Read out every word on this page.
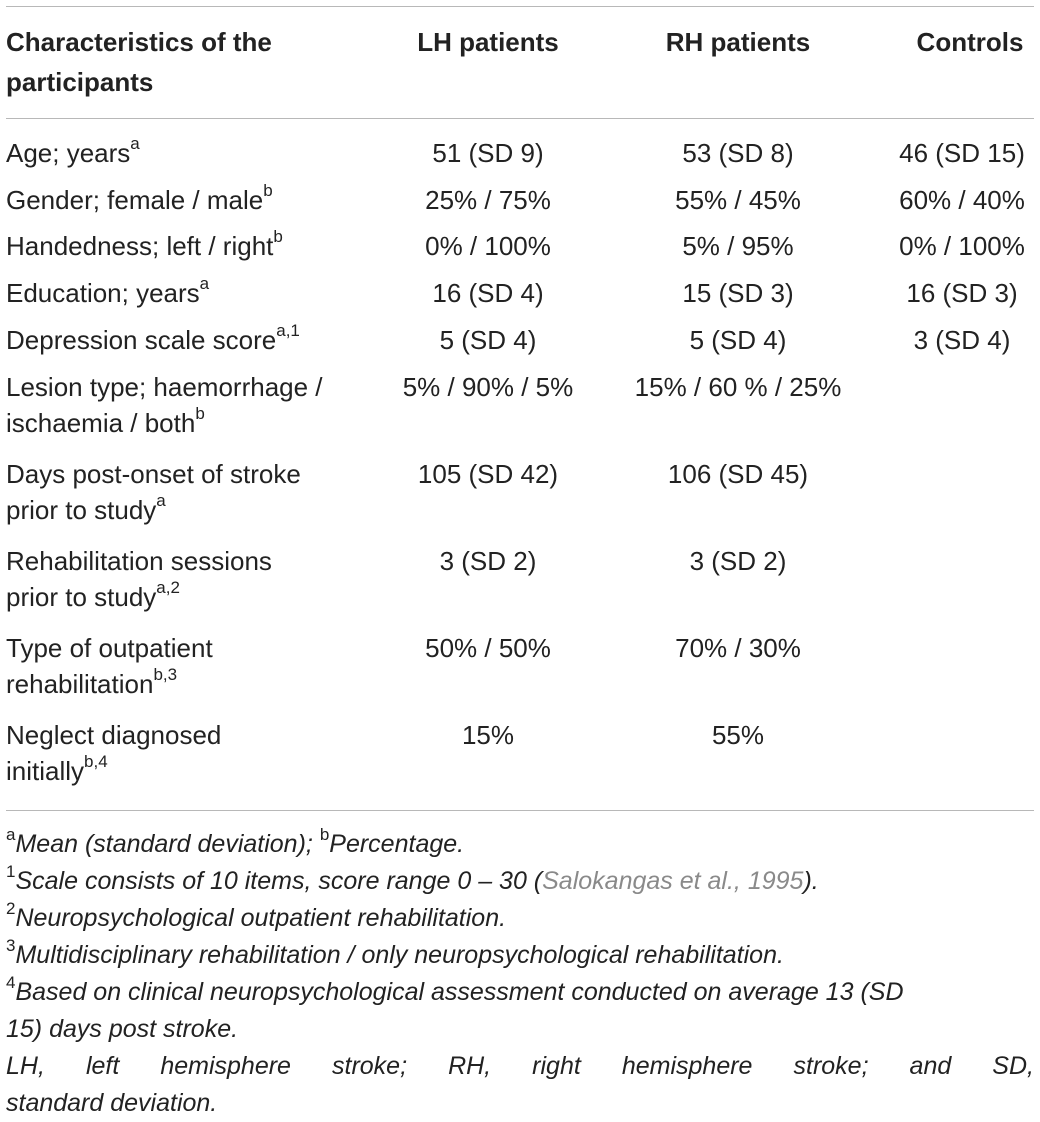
Characteristics of the participants
LH patients	RH patients	Controls
Age; years$^a$	51 (SD 9)	53 (SD 8)	46 (SD 15)
Gender; female / male$^b$	25% / 75%	55% / 45%	60% / 40%
Handedness; left / right$^b$	0% / 100%	5% / 95%	0% / 100%
Education; years$^a$	16 (SD 4)	15 (SD 3)	16 (SD 3)
Depression scale score$^{a,1}$	5 (SD 4)	5 (SD 4)	3 (SD 4)
Lesion type; haemorrhage /
ischaemia / both$^b$
5% / 90% / 5%	15% / 60 % / 25%
Days post-onset of stroke
prior to study$^a$
105 (SD 42)	106 (SD 45)
Rehabilitation sessions
prior to study$^{a,2}$
3 (SD 2)	3 (SD 2)
Type of outpatient
rehabilitation$^{b,3}$
50% / 50%	70% / 30%
Neglect diagnosed
initially$^{b,4}$
15%	55%
$^a$Mean (standard deviation); $^b$Percentage.
$^1$Scale consists of 10 items, score range 0 – 30 (Salokangas et al., 1995).
$^2$Neuropsychological outpatient rehabilitation.
$^3$Multidisciplinary rehabilitation / only neuropsychological rehabilitation.
$^4$Based on clinical neuropsychological assessment conducted on average 13 (SD
15) days post stroke.
LH, left hemisphere stroke; RH, right hemisphere stroke; and SD,
standard deviation.
